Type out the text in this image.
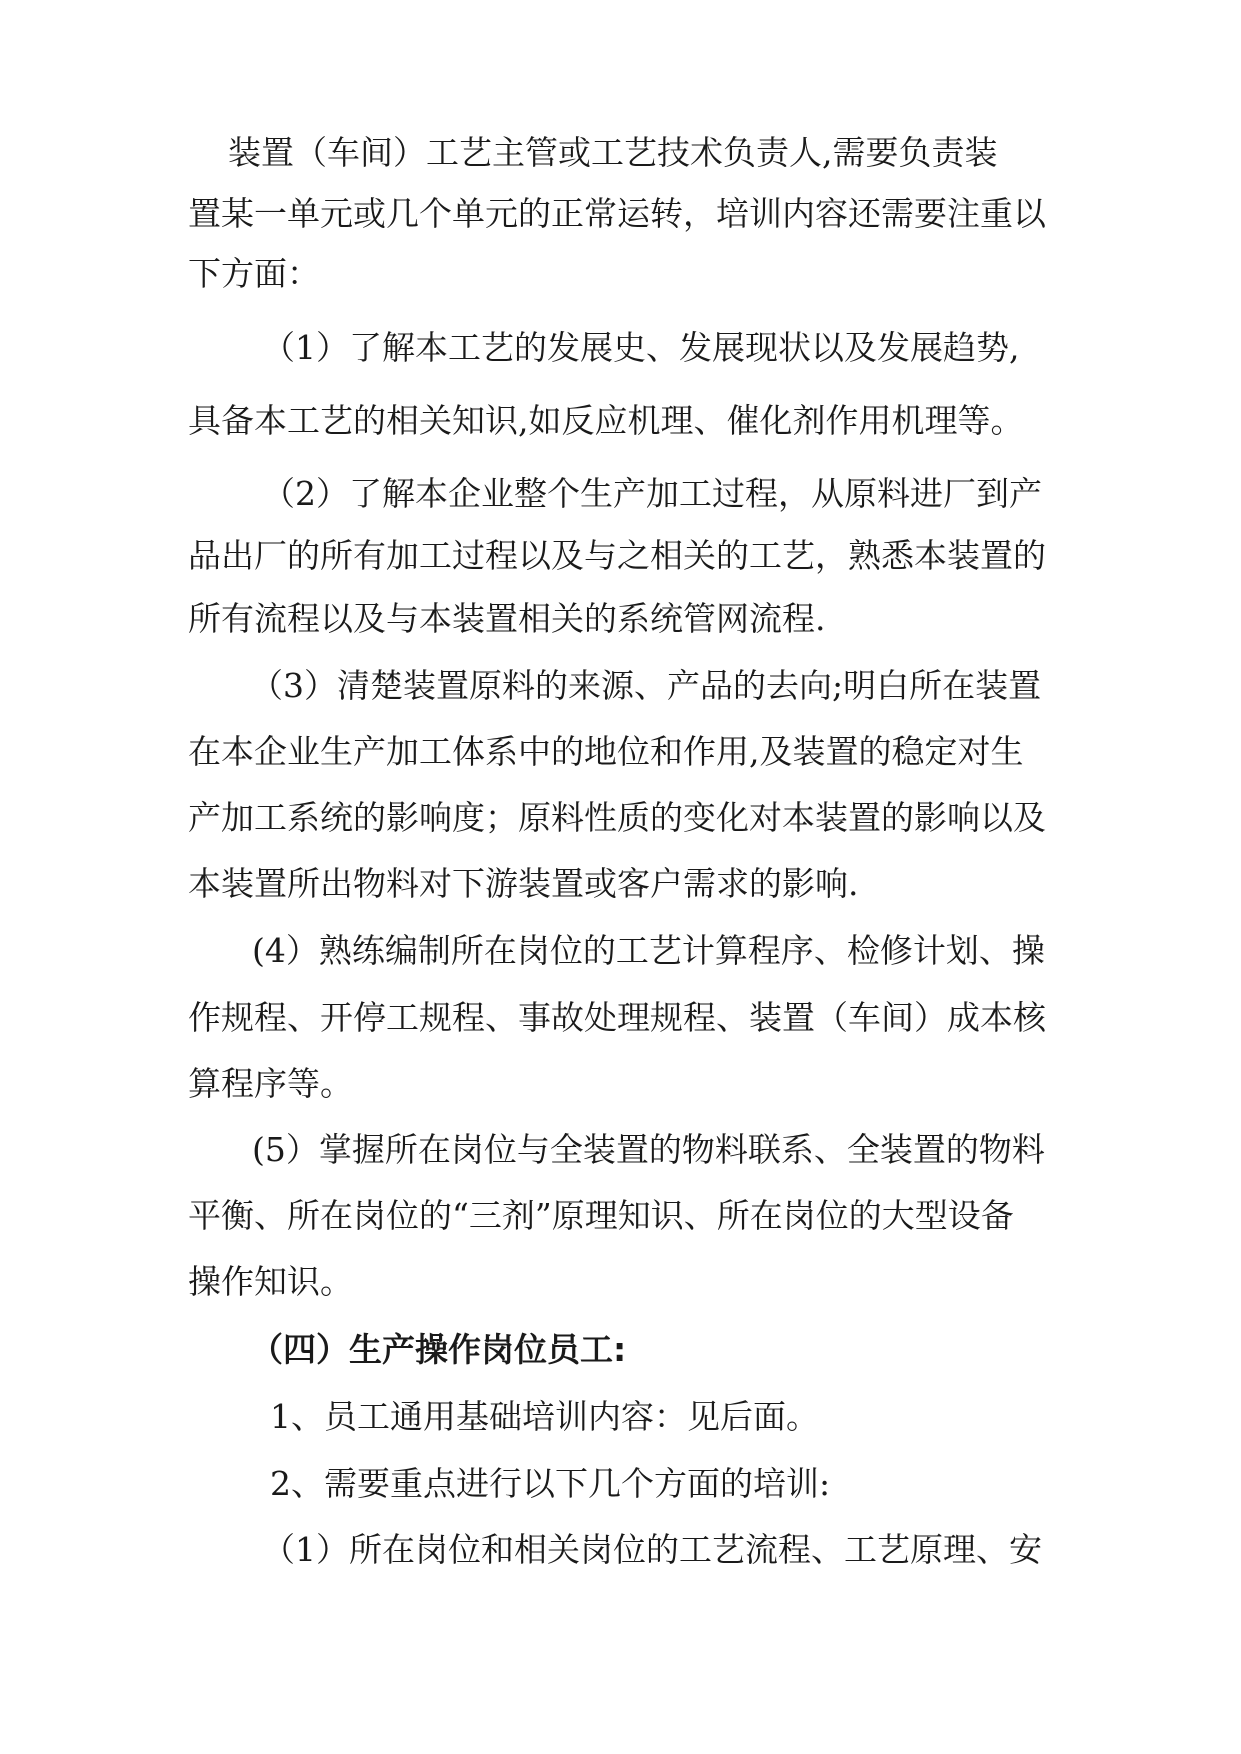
装置（车间）工艺主管或工艺技术负责人,需要负责装

置某一单元或几个单元的正常运转，培训内容还需要注重以

下方面：

（1）了解本工艺的发展史、发展现状以及发展趋势,

具备本工艺的相关知识,如反应机理、催化剂作用机理等。

（2）了解本企业整个生产加工过程，从原料进厂到产

品出厂的所有加工过程以及与之相关的工艺，熟悉本装置的

所有流程以及与本装置相关的系统管网流程.

（3）清楚装置原料的来源、产品的去向;明白所在装置

在本企业生产加工体系中的地位和作用,及装置的稳定对生

产加工系统的影响度；原料性质的变化对本装置的影响以及

本装置所出物料对下游装置或客户需求的影响.

(4）熟练编制所在岗位的工艺计算程序、检修计划、操

作规程、开停工规程、事故处理规程、装置（车间）成本核

算程序等。

(5）掌握所在岗位与全装置的物料联系、全装置的物料

平衡、所在岗位的“三剂”原理知识、所在岗位的大型设备

操作知识。

（四）生产操作岗位员工:

1、员工通用基础培训内容：见后面。

2、需要重点进行以下几个方面的培训:

（1）所在岗位和相关岗位的工艺流程、工艺原理、安
